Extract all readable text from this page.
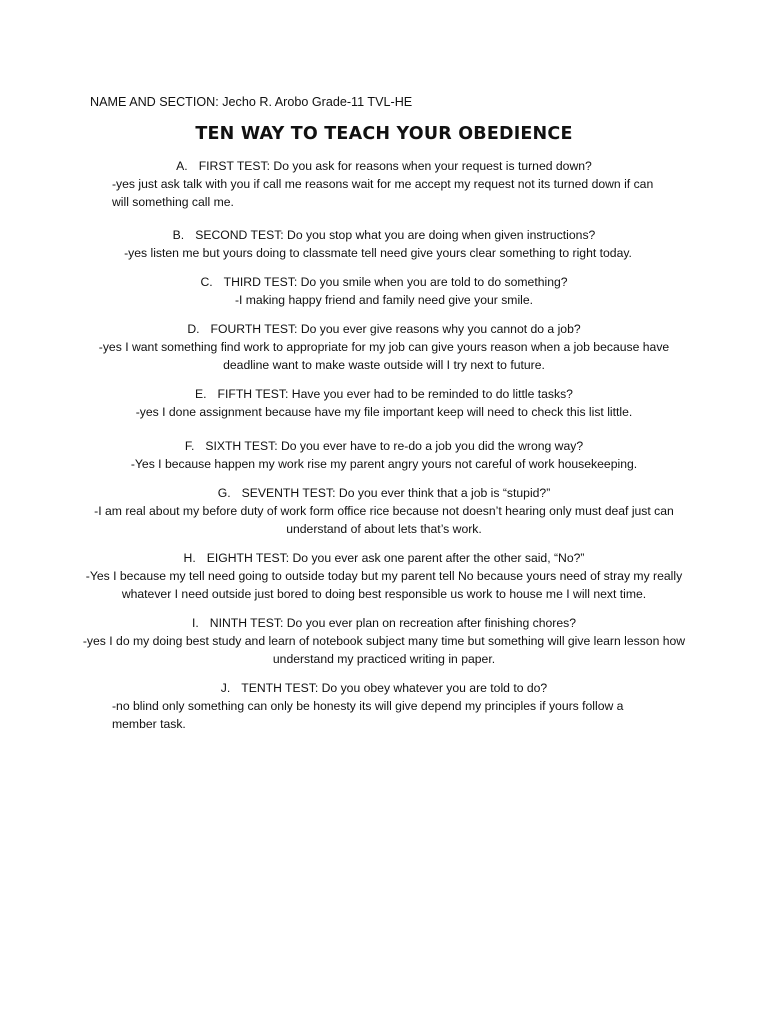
NAME AND SECTION: Jecho R. Arobo Grade-11 TVL-HE
TEN WAY TO TEACH YOUR OBEDIENCE
A. FIRST TEST: Do you ask for reasons when your request is turned down?
-yes just ask talk with you if call me reasons wait for me accept my request not its turned down if can will something call me.
B. SECOND TEST: Do you stop what you are doing when given instructions?
-yes listen me but yours doing to classmate tell need give yours clear something to right today.
C. THIRD TEST: Do you smile when you are told to do something?
-I making happy friend and family need give your smile.
D. FOURTH TEST: Do you ever give reasons why you cannot do a job?
-yes I want something find work to appropriate for my job can give yours reason when a job because have deadline want to make waste outside will I try next to future.
E. FIFTH TEST: Have you ever had to be reminded to do little tasks?
-yes I done assignment because have my file important keep will need to check this list little.
F. SIXTH TEST: Do you ever have to re-do a job you did the wrong way?
-Yes I because happen my work rise my parent angry yours not careful of work housekeeping.
G. SEVENTH TEST: Do you ever think that a job is “stupid?”
-I am real about my before duty of work form office rice because not doesn’t hearing only must deaf just can understand of about lets that’s work.
H. EIGHTH TEST: Do you ever ask one parent after the other said, “No?”
-Yes I because my tell need going to outside today but my parent tell No because yours need of stray my really whatever I need outside just bored to doing best responsible us work to house me I will next time.
I. NINTH TEST: Do you ever plan on recreation after finishing chores?
-yes I do my doing best study and learn of notebook subject many time but something will give learn lesson how understand my practiced writing in paper.
J. TENTH TEST: Do you obey whatever you are told to do?
-no blind only something can only be honesty its will give depend my principles if yours follow a member task.
